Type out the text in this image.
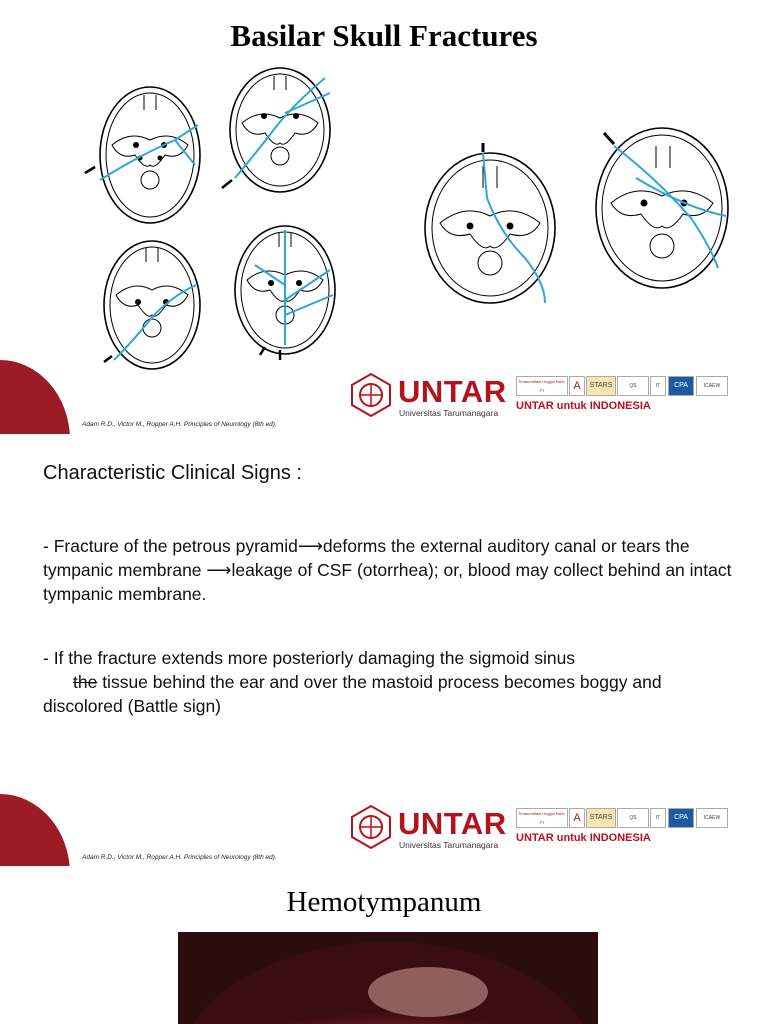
Basilar Skull Fractures
Adam R.D., Victor M., Ropper A.H. Principles of Neurology (8th ed).
UNTAR
Universitas Tarumanagara
Terakreditasi Unggul BAN-PT	A	STARS	QS	IT	CPA	ICAEW
UNTAR untuk INDONESIA
Characteristic Clinical Signs :
- Fracture of the petrous pyramid⟶deforms the external auditory canal or tears the tympanic membrane ⟶leakage of CSF (otorrhea); or, blood may collect behind an intact tympanic membrane.
- If the fracture extends more posteriorly damaging the sigmoid sinus
the tissue behind the ear and over the mastoid process becomes boggy and discolored (Battle sign)
Adam R.D., Victor M., Ropper A.H. Principles of Neurology (8th ed).
UNTAR
Universitas Tarumanagara
Terakreditasi Unggul BAN-PT	A	STARS	QS	IT	CPA	ICAEW
UNTAR untuk INDONESIA
Hemotympanum
